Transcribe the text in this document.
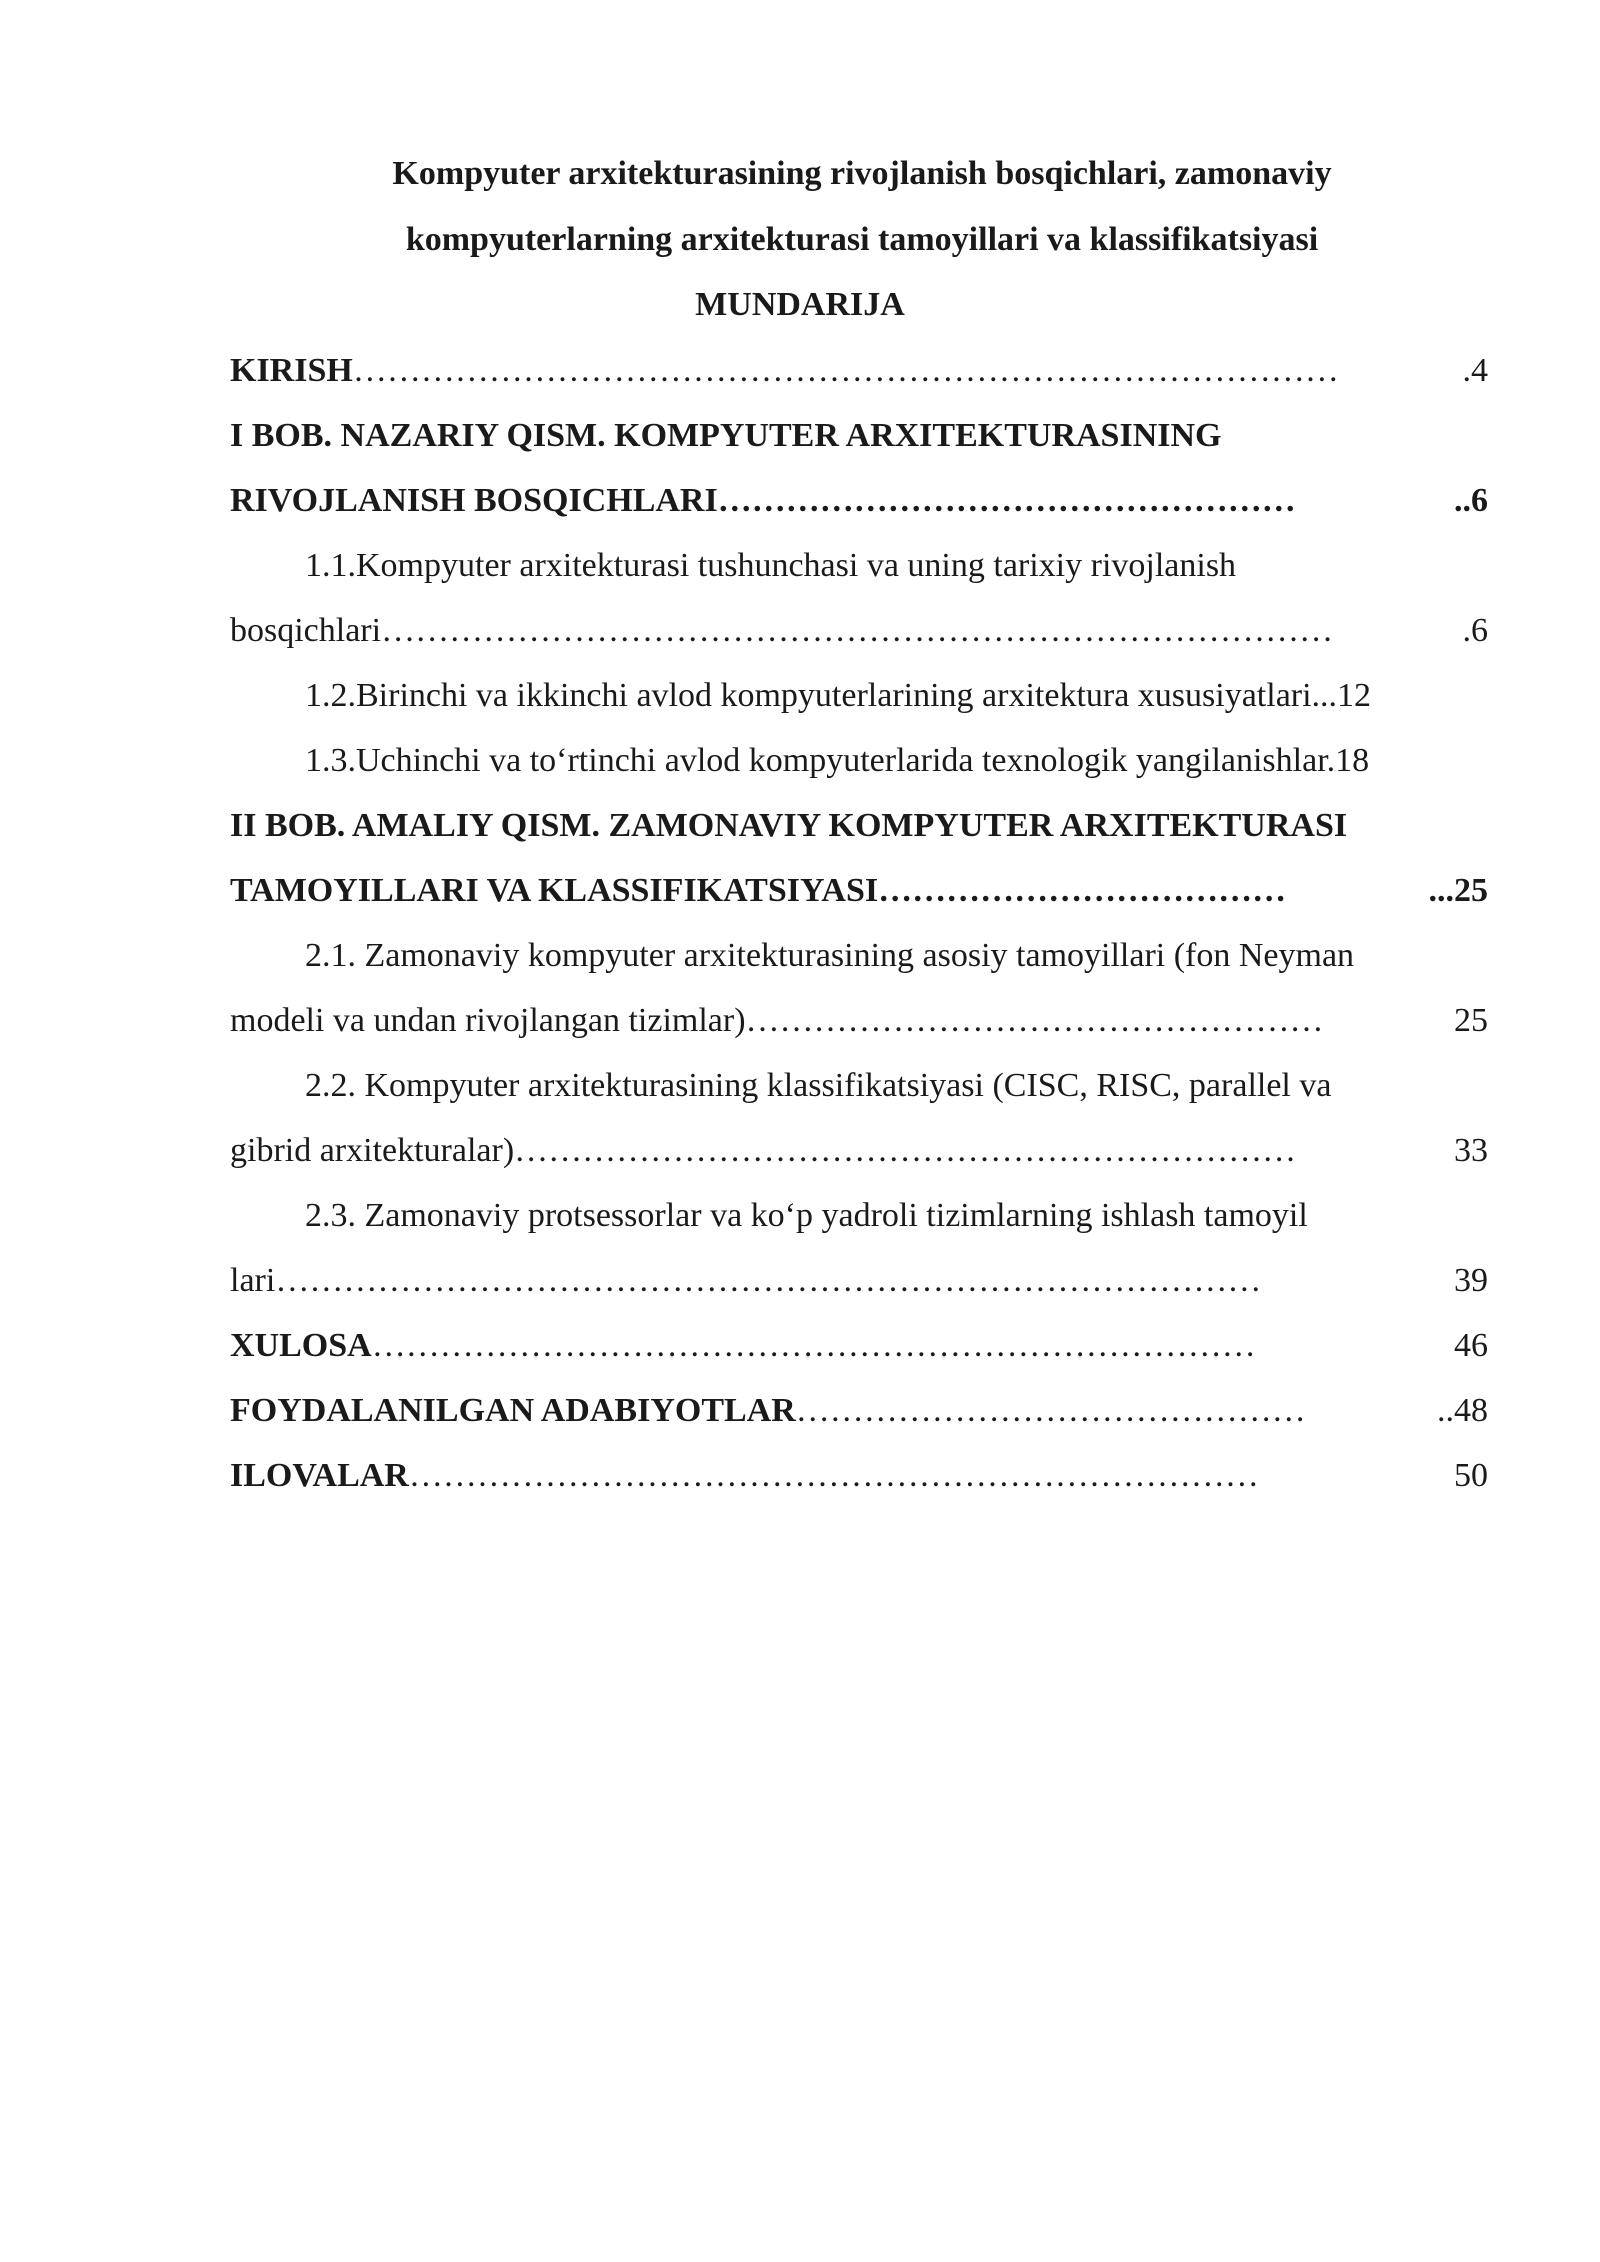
Kompyuter arxitekturasining rivojlanish bosqichlari, zamonaviy
kompyuterlarning arxitekturasi tamoyillari va klassifikatsiyasi
MUNDARIJA
.4
KIRISH……………………………………………………………………………
I BOB. NAZARIY QISM. KOMPYUTER ARXITEKTURASINING
..6
RIVOJLANISH BOSQICHLARI……………………………………………
1.1.Kompyuter arxitekturasi tushunchasi va uning tarixiy rivojlanish
.6
bosqichlari…………………………………………………………………………
1.2.Birinchi va ikkinchi avlod kompyuterlarining arxitektura xususiyatlari...12
1.3.Uchinchi va to‘rtinchi avlod kompyuterlarida texnologik yangilanishlar.18
II BOB. AMALIY QISM. ZAMONAVIY KOMPYUTER ARXITEKTURASI
...25
TAMOYILLARI VA KLASSIFIKATSIYASI………………………………
2.1. Zamonaviy kompyuter arxitekturasining asosiy tamoyillari (fon Neyman
25
modeli va undan rivojlangan tizimlar)……………………………………………
2.2. Kompyuter arxitekturasining klassifikatsiyasi (CISC, RISC, parallel va
33
gibrid arxitekturalar)……………………………………………………………
2.3. Zamonaviy protsessorlar va ko‘p yadroli tizimlarning ishlash tamoyil
39
lari……………………………………………………………………………
46
XULOSA……………………………………………………………………
..48
FOYDALANILGAN ADABIYOTLAR………………………………………
50
ILOVALAR…………………………………………………………………
